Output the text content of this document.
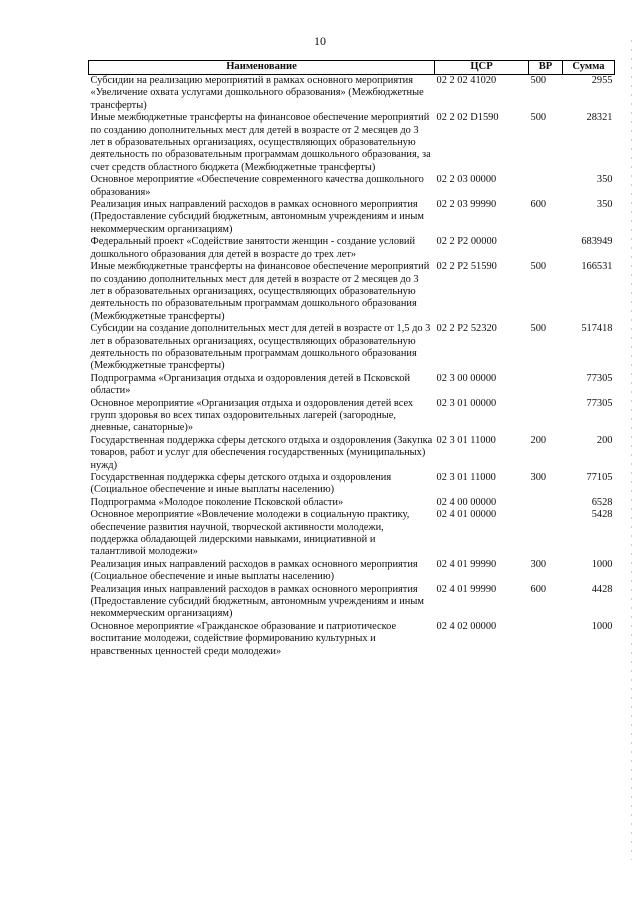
10
Наименование	ЦСР	ВР	Сумма
Субсидии на реализацию мероприятий в рамках основного мероприятия «Увеличение охвата услугами дошкольного образования» (Межбюджетные трансферты)	02 2 02 41020	500	2955
Иные межбюджетные трансферты на финансовое обеспечение мероприятий по созданию дополнительных мест для детей в возрасте от 2 месяцев до 3 лет в образовательных организациях, осуществляющих образовательную деятельность по образовательным программам дошкольного образования, за счет средств областного бюджета (Межбюджетные трансферты)	02 2 02 D1590	500	28321
Основное мероприятие «Обеспечение современного качества дошкольного образования»	02 2 03 00000		350
Реализация иных направлений расходов в рамках основного мероприятия (Предоставление субсидий бюджетным, автономным учреждениям и иным некоммерческим организациям)	02 2 03 99990	600	350
Федеральный проект «Содействие занятости женщин - создание условий дошкольного образования для детей в возрасте до трех лет»	02 2 P2 00000		683949
Иные межбюджетные трансферты на финансовое обеспечение мероприятий по созданию дополнительных мест для детей в возрасте от 2 месяцев до 3 лет в образовательных организациях, осуществляющих образовательную деятельность по образовательным программам дошкольного образования (Межбюджетные трансферты)	02 2 P2 51590	500	166531
Субсидии на создание дополнительных мест для детей в возрасте от 1,5 до 3 лет в образовательных организациях, осуществляющих образовательную деятельность по образовательным программам дошкольного образования (Межбюджетные трансферты)	02 2 P2 52320	500	517418
Подпрограмма «Организация отдыха и оздоровления детей в Псковской области»	02 3 00 00000		77305
Основное мероприятие «Организация отдыха и оздоровления детей всех групп здоровья во всех типах оздоровительных лагерей (загородные, дневные, санаторные)»	02 3 01 00000		77305
Государственная поддержка сферы детского отдыха и оздоровления (Закупка товаров, работ и услуг для обеспечения государственных (муниципальных) нужд)	02 3 01 11000	200	200
Государственная поддержка сферы детского отдыха и оздоровления (Социальное обеспечение и иные выплаты населению)	02 3 01 11000	300	77105
Подпрограмма «Молодое поколение Псковской области»	02 4 00 00000		6528
Основное мероприятие «Вовлечение молодежи в социальную практику, обеспечение развития научной, творческой активности молодежи, поддержка обладающей лидерскими навыками, инициативной и талантливой молодежи»	02 4 01 00000		5428
Реализация иных направлений расходов в рамках основного мероприятия (Социальное обеспечение и иные выплаты населению)	02 4 01 99990	300	1000
Реализация иных направлений расходов в рамках основного мероприятия (Предоставление субсидий бюджетным, автономным учреждениям и иным некоммерческим организациям)	02 4 01 99990	600	4428
Основное мероприятие «Гражданское образование и патриотическое воспитание молодежи, содействие формированию культурных и нравственных ценностей среди молодежи»	02 4 02 00000		1000
